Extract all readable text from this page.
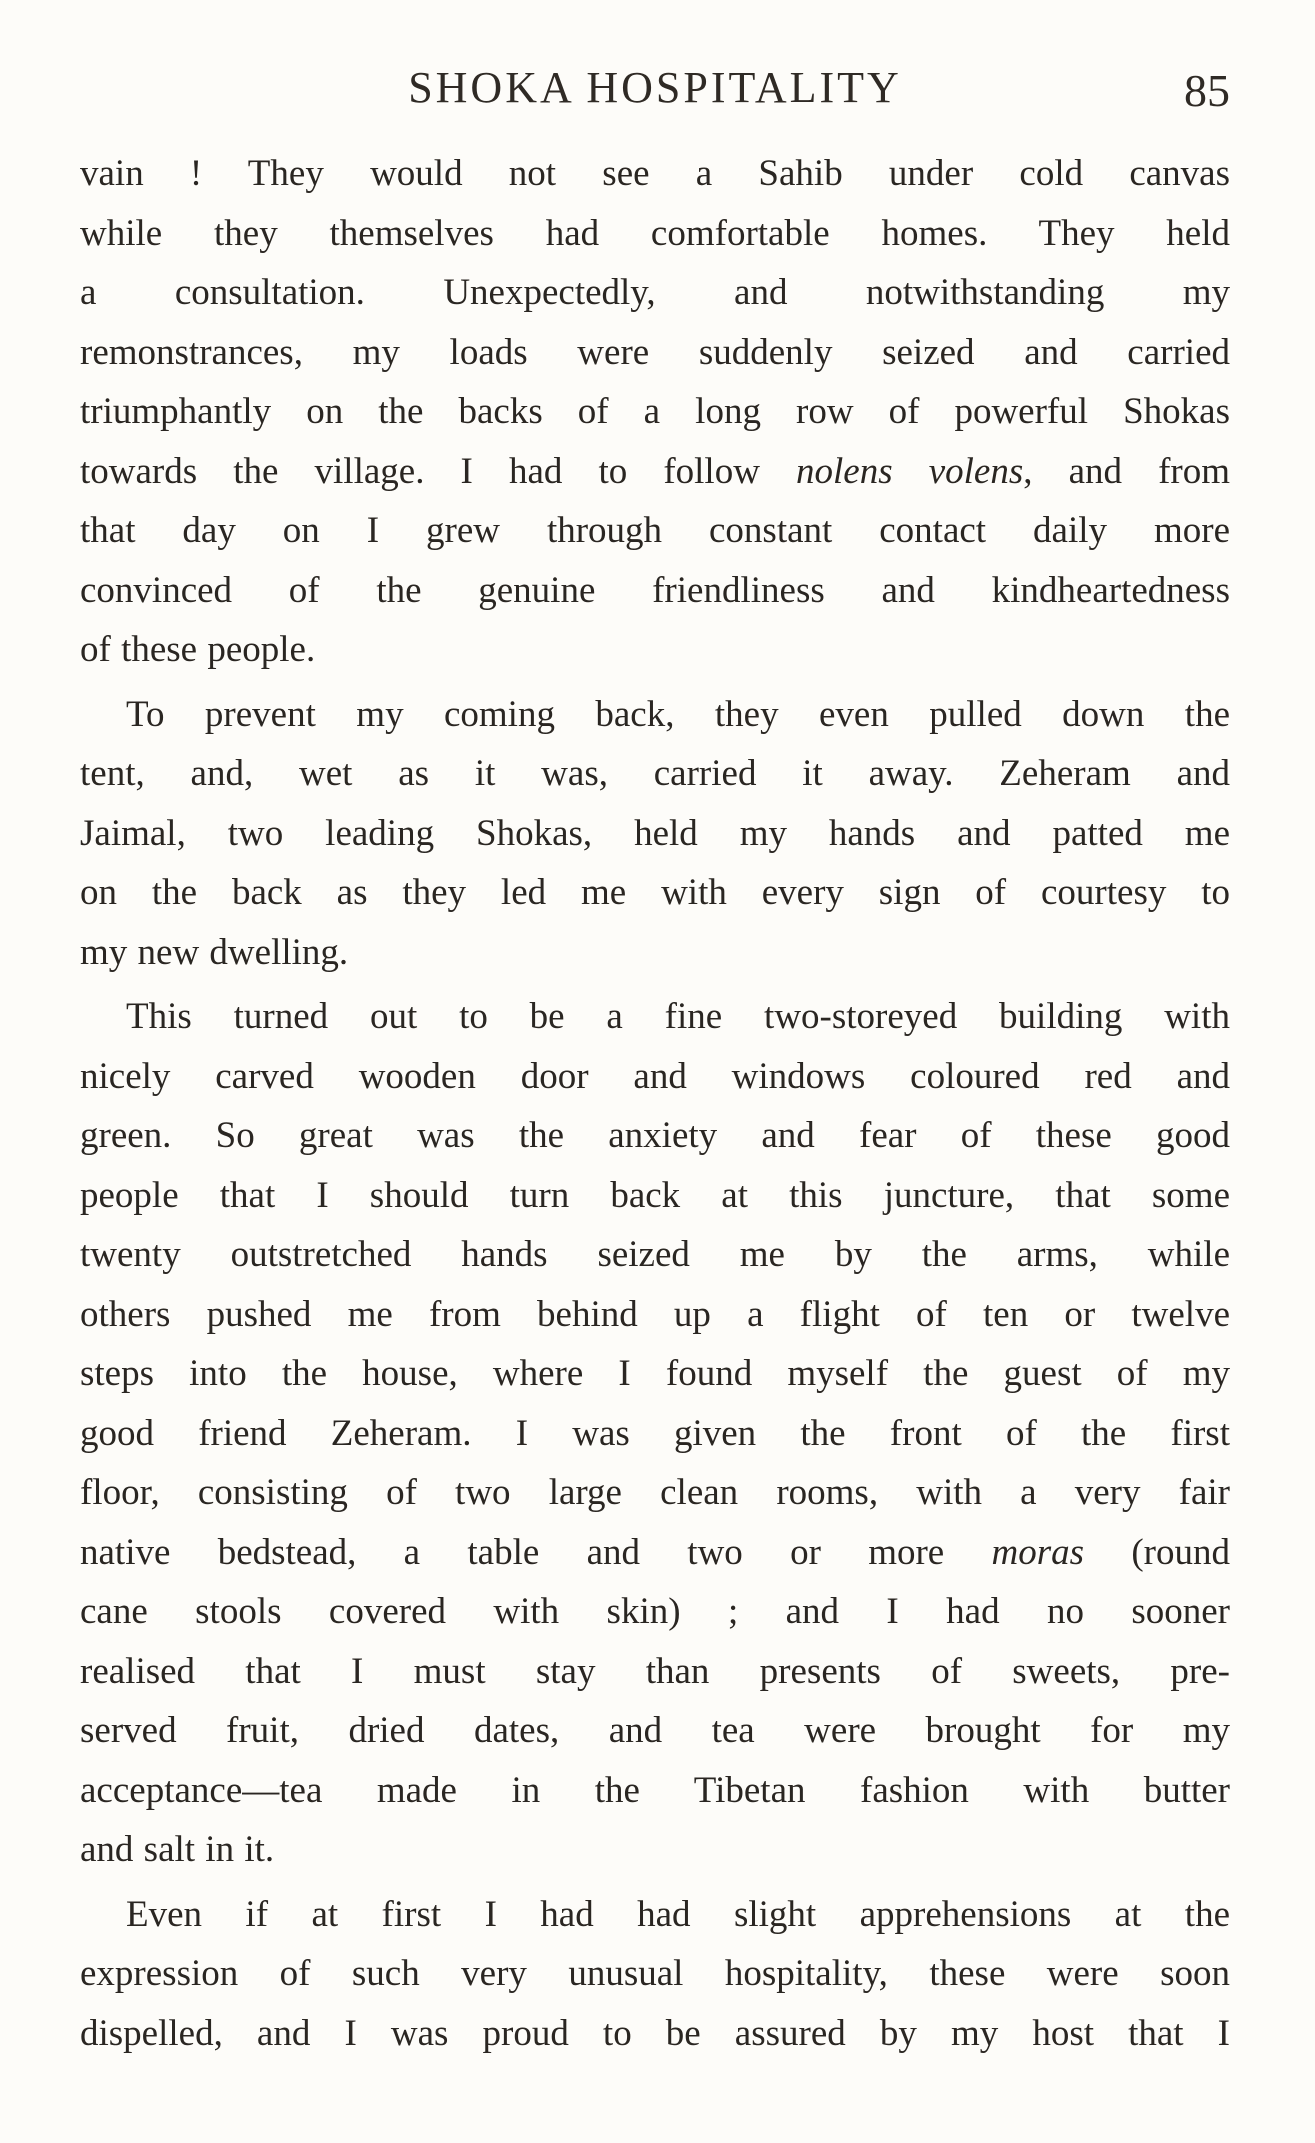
SHOKA HOSPITALITY	85
vain ! They would not see a Sahib under cold canvas
while they themselves had comfortable homes. They held
a consultation. Unexpectedly, and notwithstanding my
remonstrances, my loads were suddenly seized and carried
triumphantly on the backs of a long row of powerful Shokas
towards the village. I had to follow nolens volens, and from
that day on I grew through constant contact daily more
convinced of the genuine friendliness and kindheartedness
of these people.
To prevent my coming back, they even pulled down the
tent, and, wet as it was, carried it away. Zeheram and
Jaimal, two leading Shokas, held my hands and patted me
on the back as they led me with every sign of courtesy to
my new dwelling.
This turned out to be a fine two-storeyed building with
nicely carved wooden door and windows coloured red and
green. So great was the anxiety and fear of these good
people that I should turn back at this juncture, that some
twenty outstretched hands seized me by the arms, while
others pushed me from behind up a flight of ten or twelve
steps into the house, where I found myself the guest of my
good friend Zeheram. I was given the front of the first
floor, consisting of two large clean rooms, with a very fair
native bedstead, a table and two or more moras (round
cane stools covered with skin) ; and I had no sooner
realised that I must stay than presents of sweets, pre-
served fruit, dried dates, and tea were brought for my
acceptance—tea made in the Tibetan fashion with butter
and salt in it.
Even if at first I had had slight apprehensions at the
expression of such very unusual hospitality, these were soon
dispelled, and I was proud to be assured by my host that I
